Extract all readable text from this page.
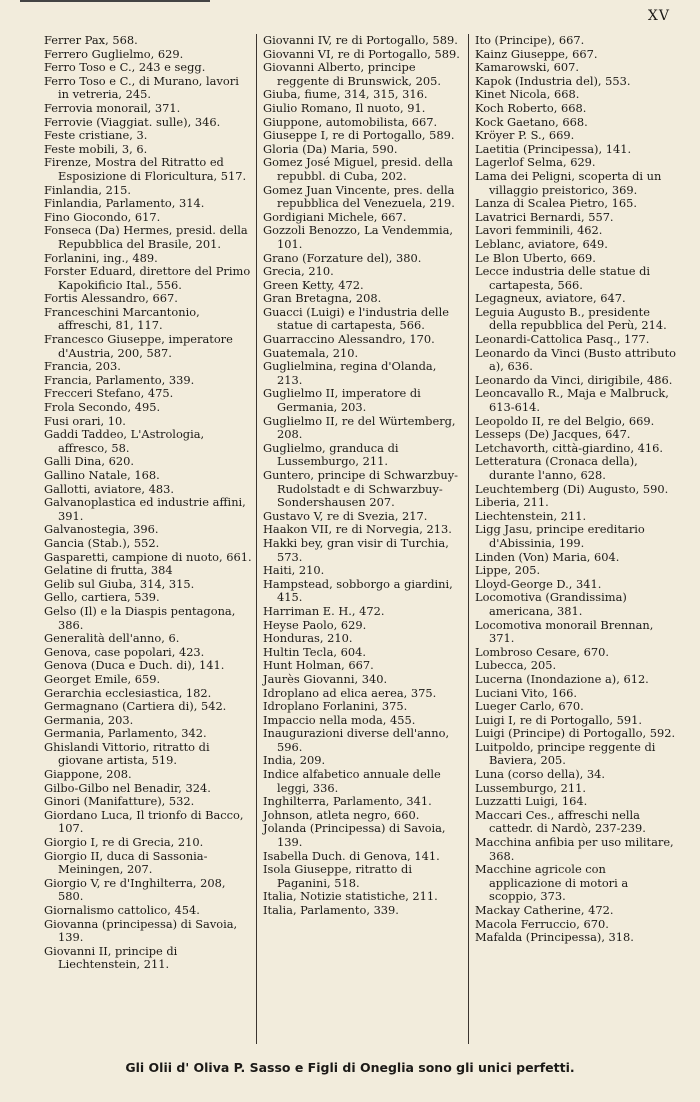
XV
Ferrer Pax, 568.
Ferrero Guglielmo, 629.
Ferro Toso e C., 243 e segg.
Ferro Toso e C., di Murano, lavori in vetreria, 245.
Ferrovia monorail, 371.
Ferrovie (Viaggiat. sulle), 346.
Feste cristiane, 3.
Feste mobili, 3, 6.
Firenze, Mostra del Ritratto ed Esposizione di Floricultura, 517.
Finlandia, 215.
Finlandia, Parlamento, 314.
Fino Giocondo, 617.
Fonseca (Da) Hermes, presid. della Repubblica del Brasile, 201.
Forlanini, ing., 489.
Forster Eduard, direttore del Primo Kapokificio Ital., 556.
Fortis Alessandro, 667.
Franceschini Marcantonio, affreschi, 81, 117.
Francesco Giuseppe, imperatore d'Austria, 200, 587.
Francia, 203.
Francia, Parlamento, 339.
Frecceri Stefano, 475.
Frola Secondo, 495.
Fusi orari, 10.
Gaddi Taddeo, L'Astrologia, affresco, 58.
Galli Dina, 620.
Gallino Natale, 168.
Gallotti, aviatore, 483.
Galvanoplastica ed industrie affini, 391.
Galvanostegia, 396.
Gancia (Stab.), 552.
Gasparetti, campione di nuoto, 661.
Gelatine di frutta, 384
Gelib sul Giuba, 314, 315.
Gello, cartiera, 539.
Gelso (Il) e la Diaspis pentagona, 386.
Generalità dell'anno, 6.
Genova, case popolari, 423.
Genova (Duca e Duch. di), 141.
Georget Emile, 659.
Gerarchia ecclesiastica, 182.
Germagnano (Cartiera di), 542.
Germania, 203.
Germania, Parlamento, 342.
Ghislandi Vittorio, ritratto di giovane artista, 519.
Giappone, 208.
Gilbo-Gilbo nel Benadir, 324.
Ginori (Manifatture), 532.
Giordano Luca, Il trionfo di Bacco, 107.
Giorgio I, re di Grecia, 210.
Giorgio II, duca di Sassonia-Meiningen, 207.
Giorgio V, re d'Inghilterra, 208, 580.
Giornalismo cattolico, 454.
Giovanna (principessa) di Savoia, 139.
Giovanni II, principe di Liechtenstein, 211.
Giovanni IV, re di Portogallo, 589.
Giovanni VI, re di Portogallo, 589.
Giovanni Alberto, principe reggente di Brunswick, 205.
Giuba, fiume, 314, 315, 316.
Giulio Romano, Il nuoto, 91.
Giuppone, automobilista, 667.
Giuseppe I, re di Portogallo, 589.
Gloria (Da) Maria, 590.
Gomez José Miguel, presid. della repubbl. di Cuba, 202.
Gomez Juan Vincente, pres. della repubblica del Venezuela, 219.
Gordigiani Michele, 667.
Gozzoli Benozzo, La Vendemmia, 101.
Grano (Forzature del), 380.
Grecia, 210.
Green Ketty, 472.
Gran Bretagna, 208.
Guacci (Luigi) e l'industria delle statue di cartapesta, 566.
Guarraccino Alessandro, 170.
Guatemala, 210.
Guglielmina, regina d'Olanda, 213.
Guglielmo II, imperatore di Germania, 203.
Guglielmo II, re del Würtemberg, 208.
Guglielmo, granduca di Lussemburgo, 211.
Guntero, principe di Schwarzbuy-Rudolstadt e di Schwarzbuy-Sondershausen 207.
Gustavo V, re di Svezia, 217.
Haakon VII, re di Norvegia, 213.
Hakki bey, gran visir di Turchia, 573.
Haiti, 210.
Hampstead, sobborgo a giardini, 415.
Harriman E. H., 472.
Heyse Paolo, 629.
Honduras, 210.
Hultin Tecla, 604.
Hunt Holman, 667.
Jaurès Giovanni, 340.
Idroplano ad elica aerea, 375.
Idroplano Forlanini, 375.
Impaccio nella moda, 455.
Inaugurazioni diverse dell'anno, 596.
India, 209.
Indice alfabetico annuale delle leggi, 336.
Inghilterra, Parlamento, 341.
Johnson, atleta negro, 660.
Jolanda (Principessa) di Savoia, 139.
Isabella Duch. di Genova, 141.
Isola Giuseppe, ritratto di Paganini, 518.
Italia, Notizie statistiche, 211.
Italia, Parlamento, 339.
Ito (Principe), 667.
Kainz Giuseppe, 667.
Kamarowski, 607.
Kapok (Industria del), 553.
Kinet Nicola, 668.
Koch Roberto, 668.
Kock Gaetano, 668.
Kröyer P. S., 669.
Laetitia (Principessa), 141.
Lagerlof Selma, 629.
Lama dei Peligni, scoperta di un villaggio preistorico, 369.
Lanza di Scalea Pietro, 165.
Lavatrici Bernardi, 557.
Lavori femminili, 462.
Leblanc, aviatore, 649.
Le Blon Uberto, 669.
Lecce industria delle statue di cartapesta, 566.
Legagneux, aviatore, 647.
Leguia Augusto B., presidente della repubblica del Perù, 214.
Leonardi-Cattolica Pasq., 177.
Leonardo da Vinci (Busto attributo a), 636.
Leonardo da Vinci, dirigibile, 486.
Leoncavallo R., Maja e Malbruck, 613-614.
Leopoldo II, re del Belgio, 669.
Lesseps (De) Jacques, 647.
Letchavorth, città-giardino, 416.
Letteratura (Cronaca della), durante l'anno, 628.
Leuchtemberg (Di) Augusto, 590.
Liberia, 211.
Liechtenstein, 211.
Ligg Jasu, principe ereditario d'Abissinia, 199.
Linden (Von) Maria, 604.
Lippe, 205.
Lloyd-George D., 341.
Locomotiva (Grandissima) americana, 381.
Locomotiva monorail Brennan, 371.
Lombroso Cesare, 670.
Lubecca, 205.
Lucerna (Inondazione a), 612.
Luciani Vito, 166.
Lueger Carlo, 670.
Luigi I, re di Portogallo, 591.
Luigi (Principe) di Portogallo, 592.
Luitpoldo, principe reggente di Baviera, 205.
Luna (corso della), 34.
Lussemburgo, 211.
Luzzatti Luigi, 164.
Maccari Ces., affreschi nella cattedr. di Nardò, 237-239.
Macchina anfibia per uso militare, 368.
Macchine agricole con applicazione di motori a scoppio, 373.
Mackay Catherine, 472.
Macola Ferruccio, 670.
Mafalda (Principessa), 318.
Gli Olii d' Oliva P. Sasso e Figli di Oneglia sono gli unici perfetti.
